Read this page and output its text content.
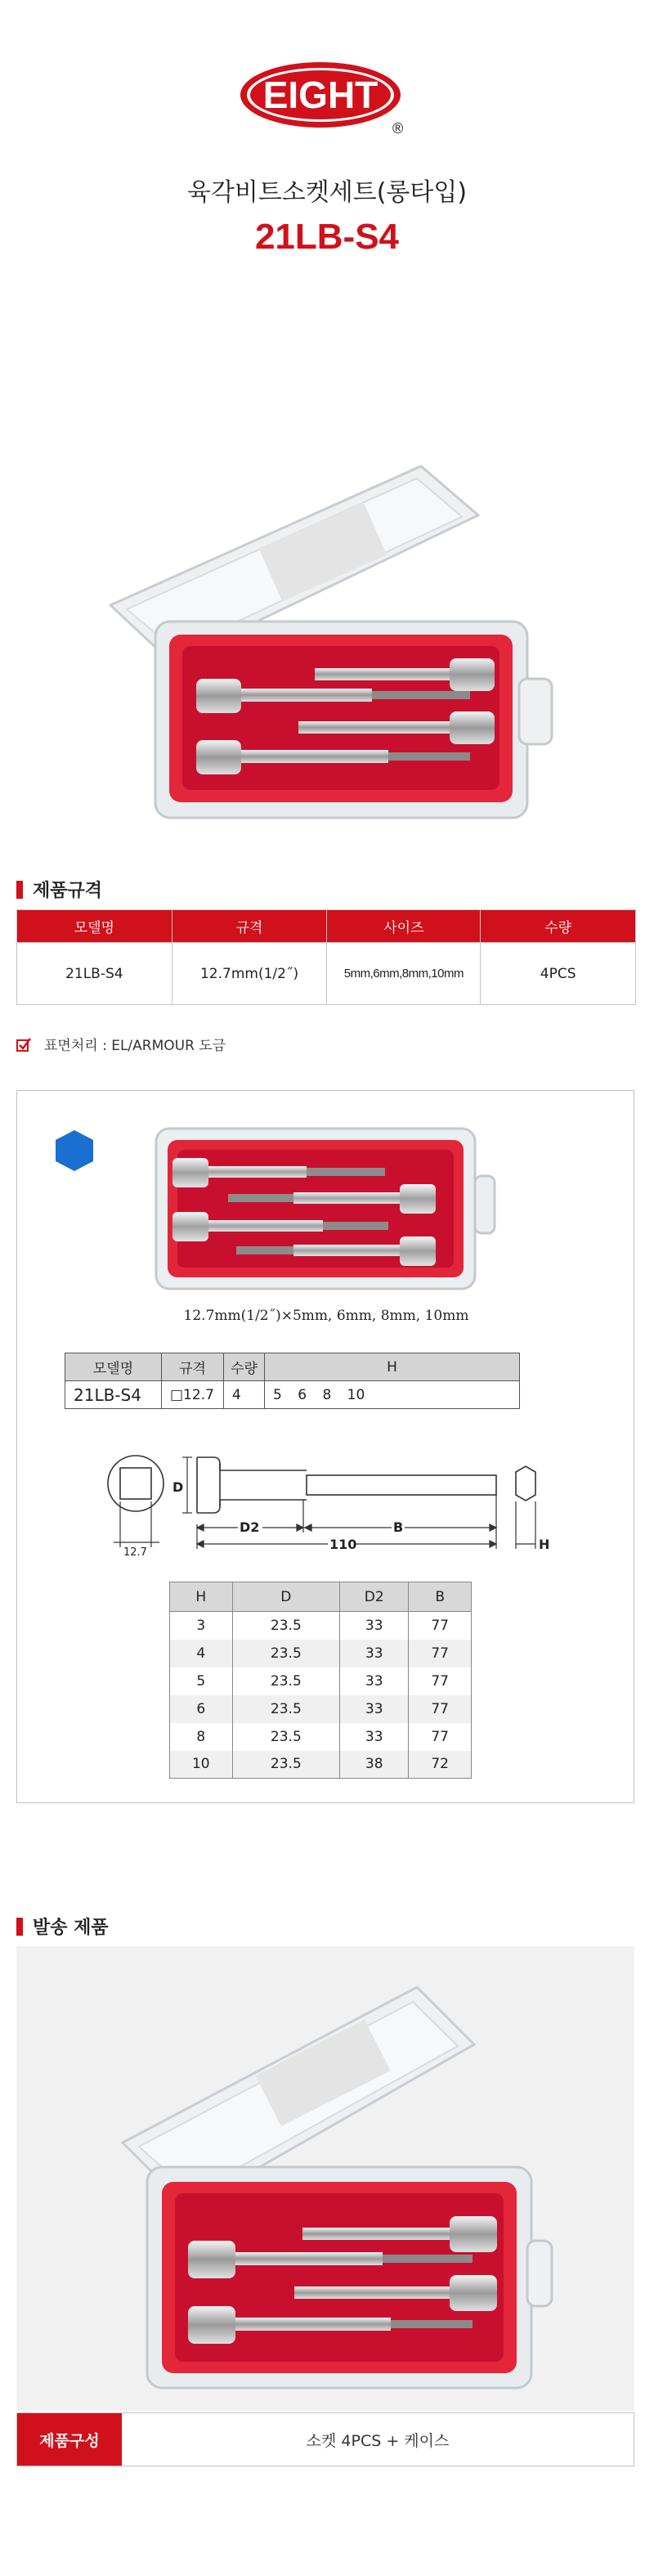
EIGHT
®
육각비트소켓세트(롱타입)
21LB-S4
제품규격
모델명	규격	사이즈	수량
21LB-S4	12.7mm(1/2˝)	5mm,6mm,8mm,10mm	4PCS
표면처리 : EL/ARMOUR 도금
12.7mm(1/2˝)×5mm, 6mm, 8mm, 10mm
모델명	규격	수량	H
21LB-S4	□12.7	4	5 6 8 10
D
D2	B
110	H
12.7
H	D	D2	B
3	23.5	33	77
4	23.5	33	77
5	23.5	33	77
6	23.5	33	77
8	23.5	33	77
10	23.5	38	72
발송 제품
제품구성	소켓 4PCS + 케이스
